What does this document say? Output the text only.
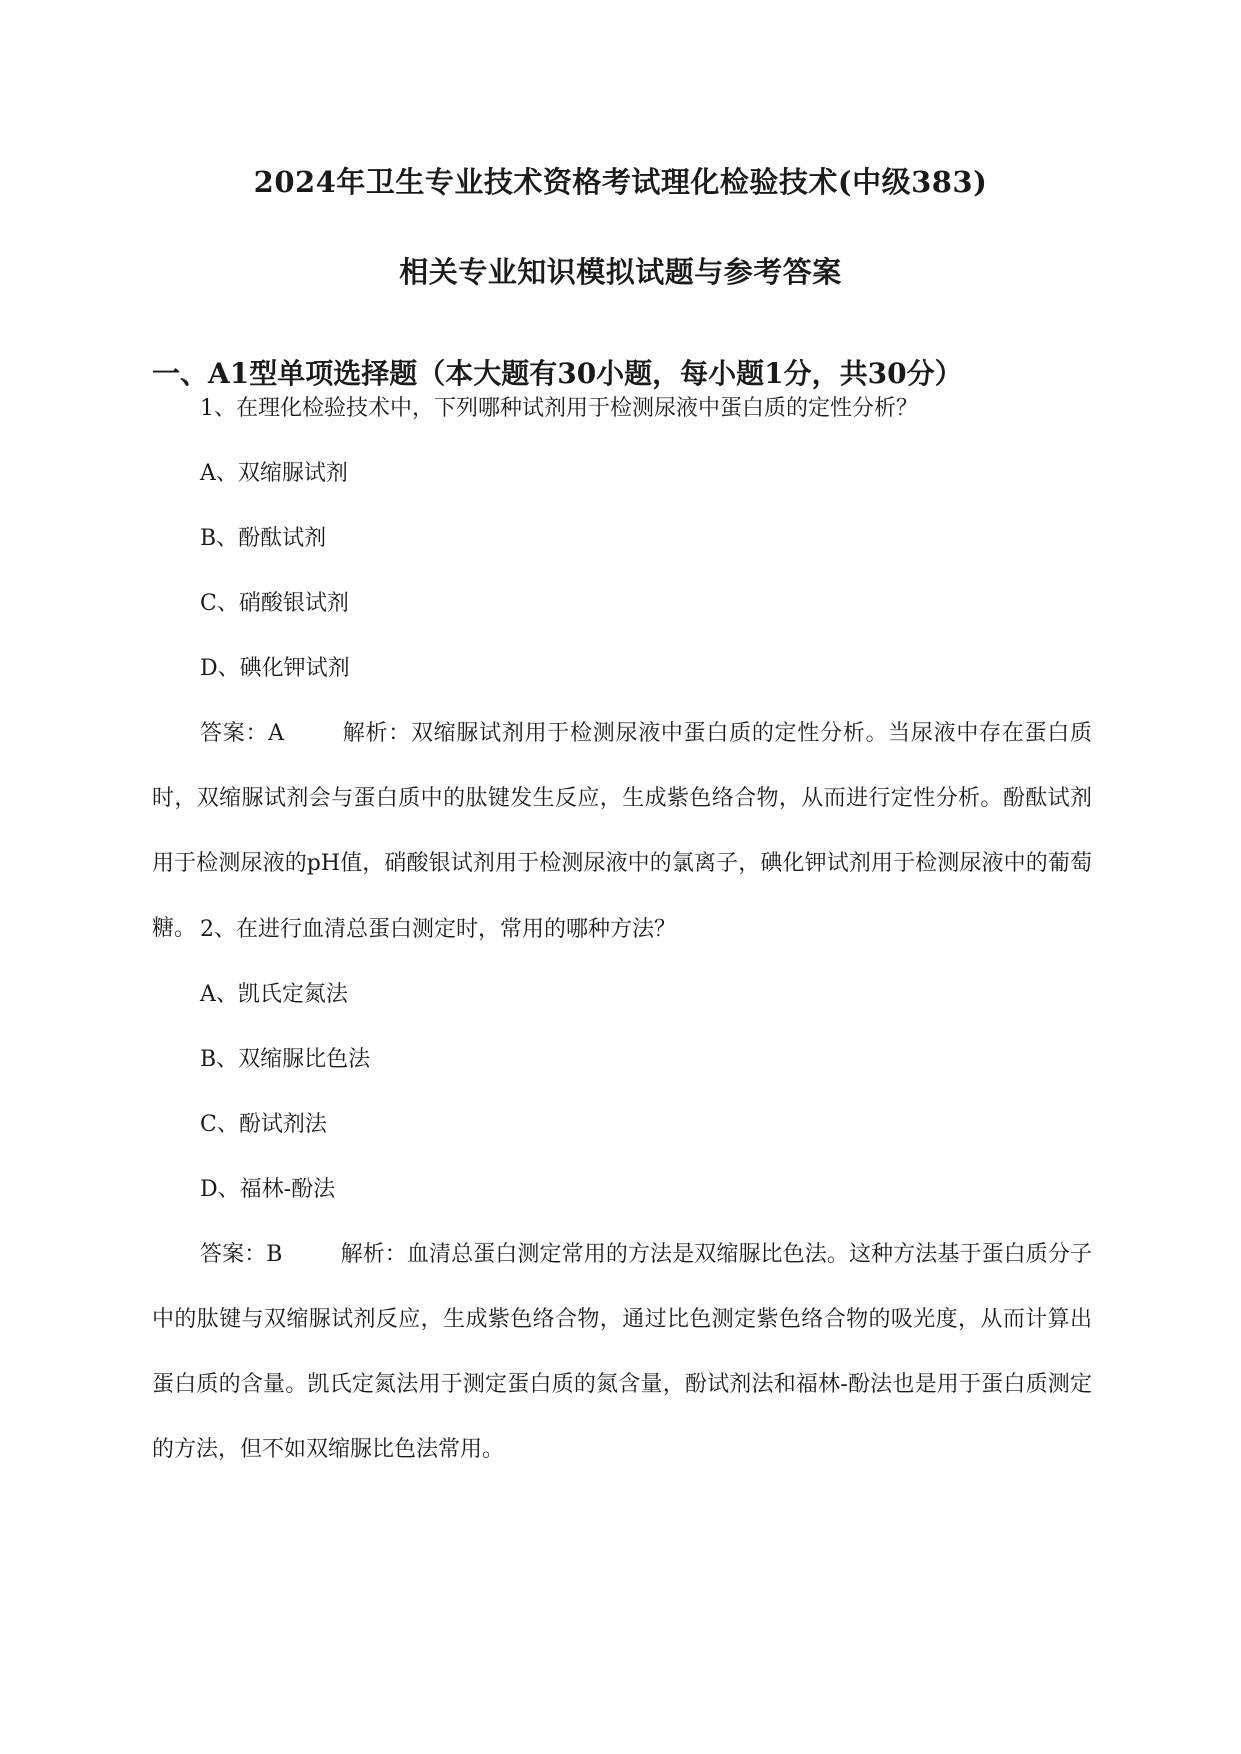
2024年卫生专业技术资格考试理化检验技术(中级383)
相关专业知识模拟试题与参考答案
一、A1型单项选择题（本大题有30小题，每小题1分，共30分）
1、在理化检验技术中，下列哪种试剂用于检测尿液中蛋白质的定性分析？
A、双缩脲试剂
B、酚酞试剂
C、硝酸银试剂
D、碘化钾试剂

答案：A	解析：双缩脲试剂用于检测尿液中蛋白质的定性分析。当尿液中存在蛋白质时，双缩脲试剂会与蛋白质中的肽键发生反应，生成紫色络合物，从而进行定性分析。酚酞试剂用于检测尿液的pH值，硝酸银试剂用于检测尿液中的氯离子，碘化钾试剂用于检测尿液中的葡萄糖。 2、在进行血清总蛋白测定时，常用的哪种方法？
A、凯氏定氮法
B、双缩脲比色法
C、酚试剂法
D、福林-酚法

答案：B	解析：血清总蛋白测定常用的方法是双缩脲比色法。这种方法基于蛋白质分子中的肽键与双缩脲试剂反应，生成紫色络合物，通过比色测定紫色络合物的吸光度，从而计算出蛋白质的含量。凯氏定氮法用于测定蛋白质的氮含量，酚试剂法和福林-酚法也是用于蛋白质测定的方法，但不如双缩脲比色法常用。
